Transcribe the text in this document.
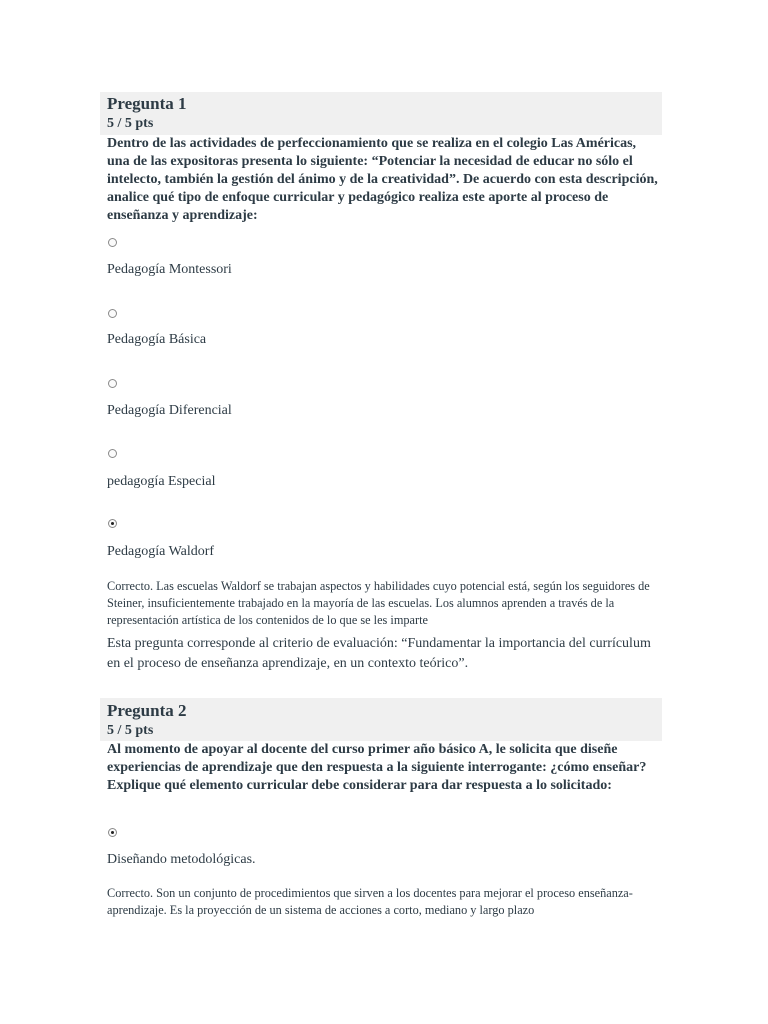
Pregunta 1
5 / 5 pts
Dentro de las actividades de perfeccionamiento que se realiza en el colegio Las Américas, una de las expositoras presenta lo siguiente: “Potenciar la necesidad de educar no sólo el intelecto, también la gestión del ánimo y de la creatividad”. De acuerdo con esta descripción, analice qué tipo de enfoque curricular y pedagógico realiza este aporte al proceso de enseñanza y aprendizaje:
Pedagogía Montessori
Pedagogía Básica
Pedagogía Diferencial
pedagogía Especial
Pedagogía Waldorf
Correcto. Las escuelas Waldorf se trabajan aspectos y habilidades cuyo potencial está, según los seguidores de Steiner, insuficientemente trabajado en la mayoría de las escuelas. Los alumnos aprenden a través de la representación artística de los contenidos de lo que se les imparte
Esta pregunta corresponde al criterio de evaluación: “Fundamentar la importancia del currículum en el proceso de enseñanza aprendizaje, en un contexto teórico”.
Pregunta 2
5 / 5 pts
Al momento de apoyar al docente del curso primer año básico A, le solicita que diseñe experiencias de aprendizaje que den respuesta a la siguiente interrogante: ¿cómo enseñar? Explique qué elemento curricular debe considerar para dar respuesta a lo solicitado:
Diseñando metodológicas.
Correcto. Son un conjunto de procedimientos que sirven a los docentes para mejorar el proceso enseñanza-aprendizaje. Es la proyección de un sistema de acciones a corto, mediano y largo plazo
